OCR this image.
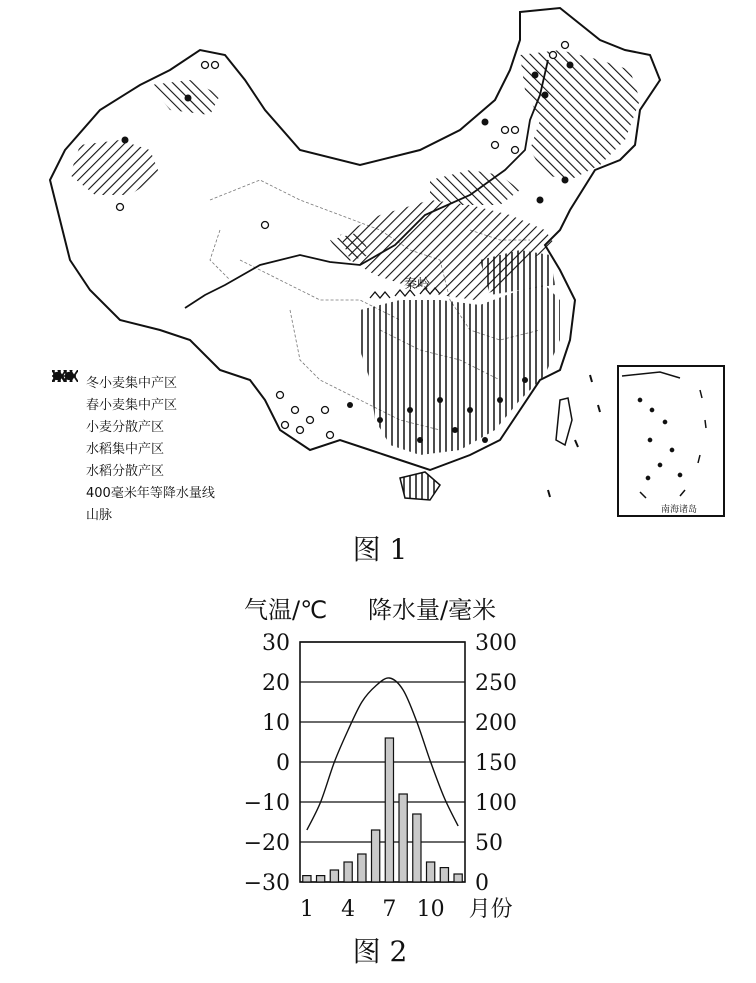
秦岭
南海诸岛
冬小麦集中产区
春小麦集中产区
小麦分散产区
水稻集中产区
水稻分散产区
400毫米年等降水量线
山脉
图 1
气温/℃ 降水量/毫米
30	300
20	250
10	200
0	150
−10	100
−20	50
−30	0
1 4 7 10 月份
图 2
